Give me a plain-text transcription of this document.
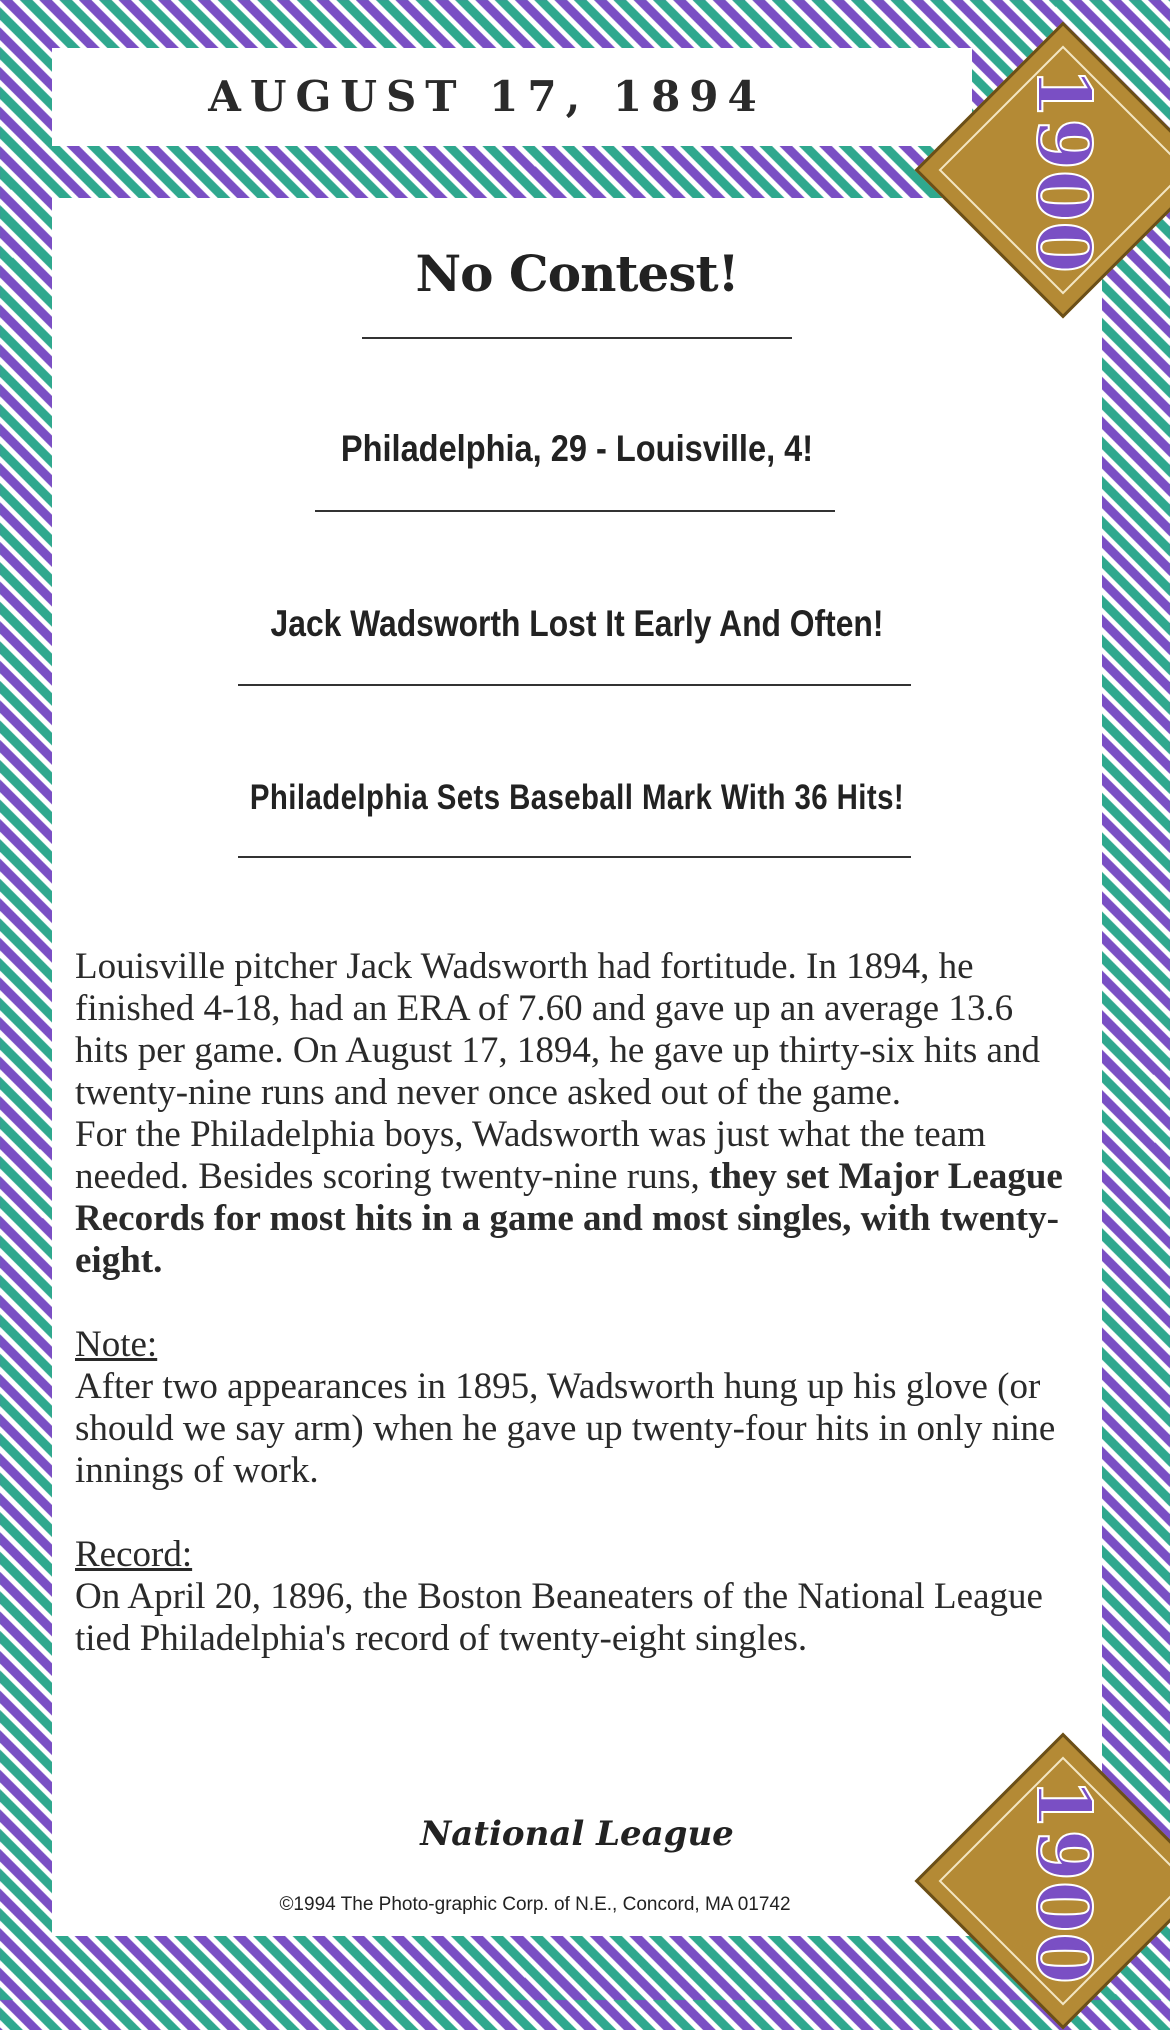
AUGUST 17, 1894	1900
No Contest!
Philadelphia, 29 - Louisville, 4!
Jack Wadsworth Lost It Early And Often!
Philadelphia Sets Baseball Mark With 36 Hits!

Louisville pitcher Jack Wadsworth had fortitude. In 1894, he finished 4-18, had an ERA of 7.60 and gave up an average 13.6 hits per game. On August 17, 1894, he gave up thirty-six hits and twenty-nine runs and never once asked out of the game.

For the Philadelphia boys, Wadsworth was just what the team needed. Besides scoring twenty-nine runs, they set Major League Records for most hits in a game and most singles, with twenty-eight.

Note:

After two appearances in 1895, Wadsworth hung up his glove (or should we say arm) when he gave up twenty-four hits in only nine innings of work.

Record:

On April 20, 1896, the Boston Beaneaters of the National League tied Philadelphia's record of twenty-eight singles.

National League
©1994 The Photo-graphic Corp. of N.E., Concord, MA 01742	1900
